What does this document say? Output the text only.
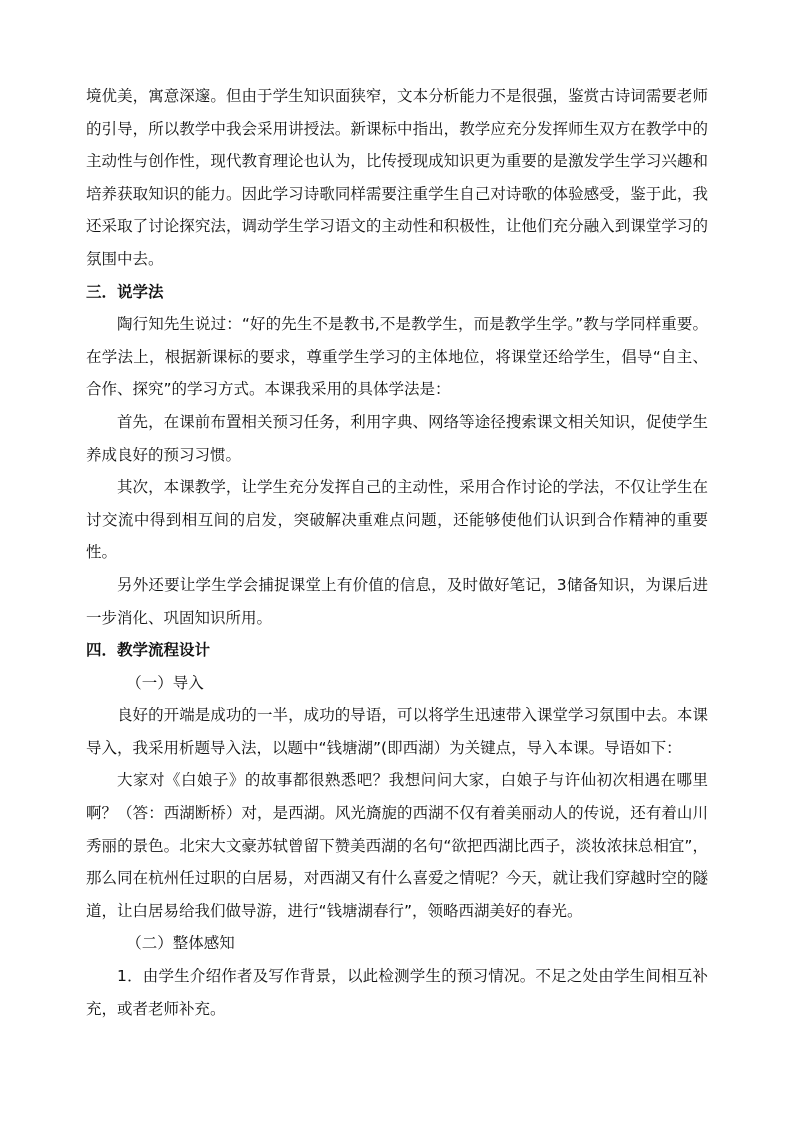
境优美，寓意深邃。但由于学生知识面狭窄，文本分析能力不是很强，鉴赏古诗词需要老师的引导，所以教学中我会采用讲授法。新课标中指出，教学应充分发挥师生双方在教学中的主动性与创作性，现代教育理论也认为，比传授现成知识更为重要的是激发学生学习兴趣和培养获取知识的能力。因此学习诗歌同样需要注重学生自己对诗歌的体验感受，鉴于此，我还采取了讨论探究法，调动学生学习语文的主动性和积极性，让他们充分融入到课堂学习的氛围中去。

三．说学法

陶行知先生说过：“好的先生不是教书,不是教学生，而是教学生学。”教与学同样重要。在学法上，根据新课标的要求，尊重学生学习的主体地位，将课堂还给学生，倡导“自主、合作、探究”的学习方式。本课我采用的具体学法是：

首先，在课前布置相关预习任务，利用字典、网络等途径搜索课文相关知识，促使学生养成良好的预习习惯。

其次，本课教学，让学生充分发挥自己的主动性，采用合作讨论的学法，不仅让学生在讨交流中得到相互间的启发，突破解决重难点问题，还能够使他们认识到合作精神的重要性。

另外还要让学生学会捕捉课堂上有价值的信息，及时做好笔记，3储备知识，为课后进一步消化、巩固知识所用。

四．教学流程设计

（一）导入

良好的开端是成功的一半，成功的导语，可以将学生迅速带入课堂学习氛围中去。本课导入，我采用析题导入法，以题中“钱塘湖”(即西湖）为关键点，导入本课。导语如下：

大家对《白娘子》的故事都很熟悉吧？我想问问大家，白娘子与许仙初次相遇在哪里啊？（答：西湖断桥）对，是西湖。风光旖旎的西湖不仅有着美丽动人的传说，还有着山川秀丽的景色。北宋大文豪苏轼曾留下赞美西湖的名句“欲把西湖比西子，淡妆浓抹总相宜”，那么同在杭州任过职的白居易，对西湖又有什么喜爱之情呢？今天，就让我们穿越时空的隧道，让白居易给我们做导游，进行“钱塘湖春行”，领略西湖美好的春光。

（二）整体感知

1．由学生介绍作者及写作背景，以此检测学生的预习情况。不足之处由学生间相互补充，或者老师补充。
